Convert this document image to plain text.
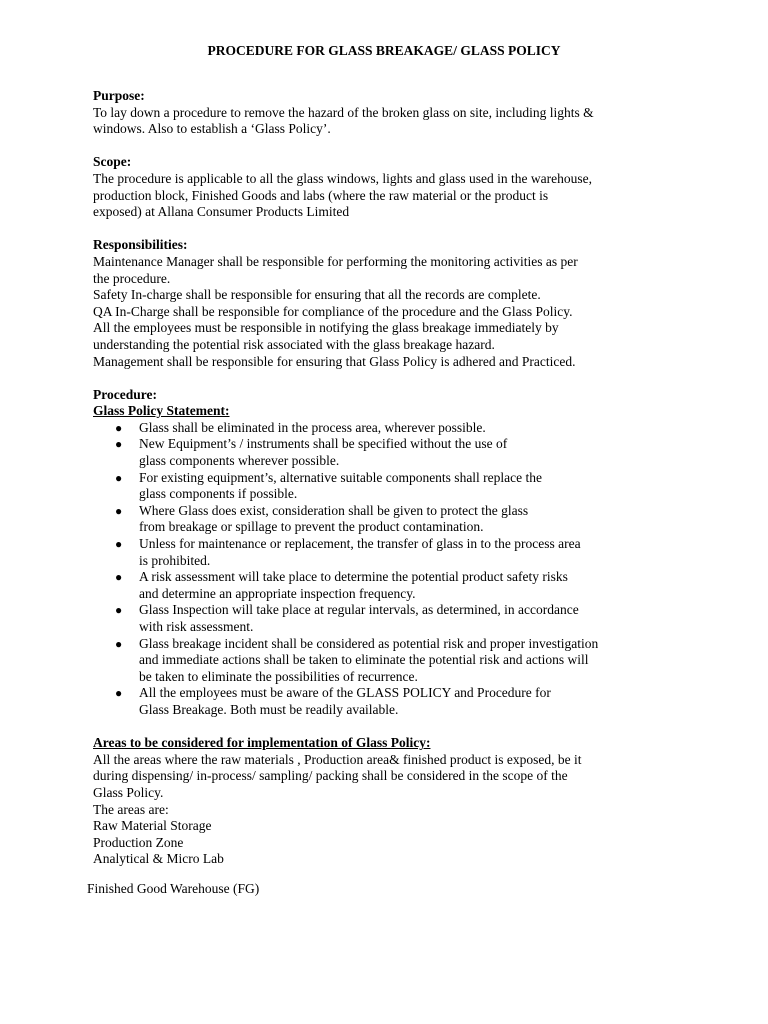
PROCEDURE FOR GLASS BREAKAGE/ GLASS POLICY
Purpose:
To lay down a procedure to remove the hazard of the broken glass on site, including lights &
windows. Also to establish a ‘Glass Policy’.
Scope:
The procedure is applicable to all the glass windows, lights and glass used in the warehouse,
production block, Finished Goods and labs (where the raw material or the product is
exposed) at Allana Consumer Products Limited
Responsibilities:
Maintenance Manager shall be responsible for performing the monitoring activities as per
the procedure.
Safety In-charge shall be responsible for ensuring that all the records are complete.
QA In-Charge shall be responsible for compliance of the procedure and the Glass Policy.
All the employees must be responsible in notifying the glass breakage immediately by
understanding the potential risk associated with the glass breakage hazard.
Management shall be responsible for ensuring that Glass Policy is adhered and Practiced.
Procedure:
Glass Policy Statement:
● Glass shall be eliminated in the process area, wherever possible.
● New Equipment’s / instruments shall be specified without the use of
glass components wherever possible.
● For existing equipment’s, alternative suitable components shall replace the
glass components if possible.
● Where Glass does exist, consideration shall be given to protect the glass
from breakage or spillage to prevent the product contamination.
● Unless for maintenance or replacement, the transfer of glass in to the process area
is prohibited.
● A risk assessment will take place to determine the potential product safety risks
and determine an appropriate inspection frequency.
● Glass Inspection will take place at regular intervals, as determined, in accordance
with risk assessment.
● Glass breakage incident shall be considered as potential risk and proper investigation
and immediate actions shall be taken to eliminate the potential risk and actions will
be taken to eliminate the possibilities of recurrence.
● All the employees must be aware of the GLASS POLICY and Procedure for
Glass Breakage. Both must be readily available.
Areas to be considered for implementation of Glass Policy:
All the areas where the raw materials , Production area& finished product is exposed, be it
during dispensing/ in-process/ sampling/ packing shall be considered in the scope of the
Glass Policy.
The areas are:
Raw Material Storage
Production Zone
Analytical & Micro Lab
Finished Good Warehouse (FG)
